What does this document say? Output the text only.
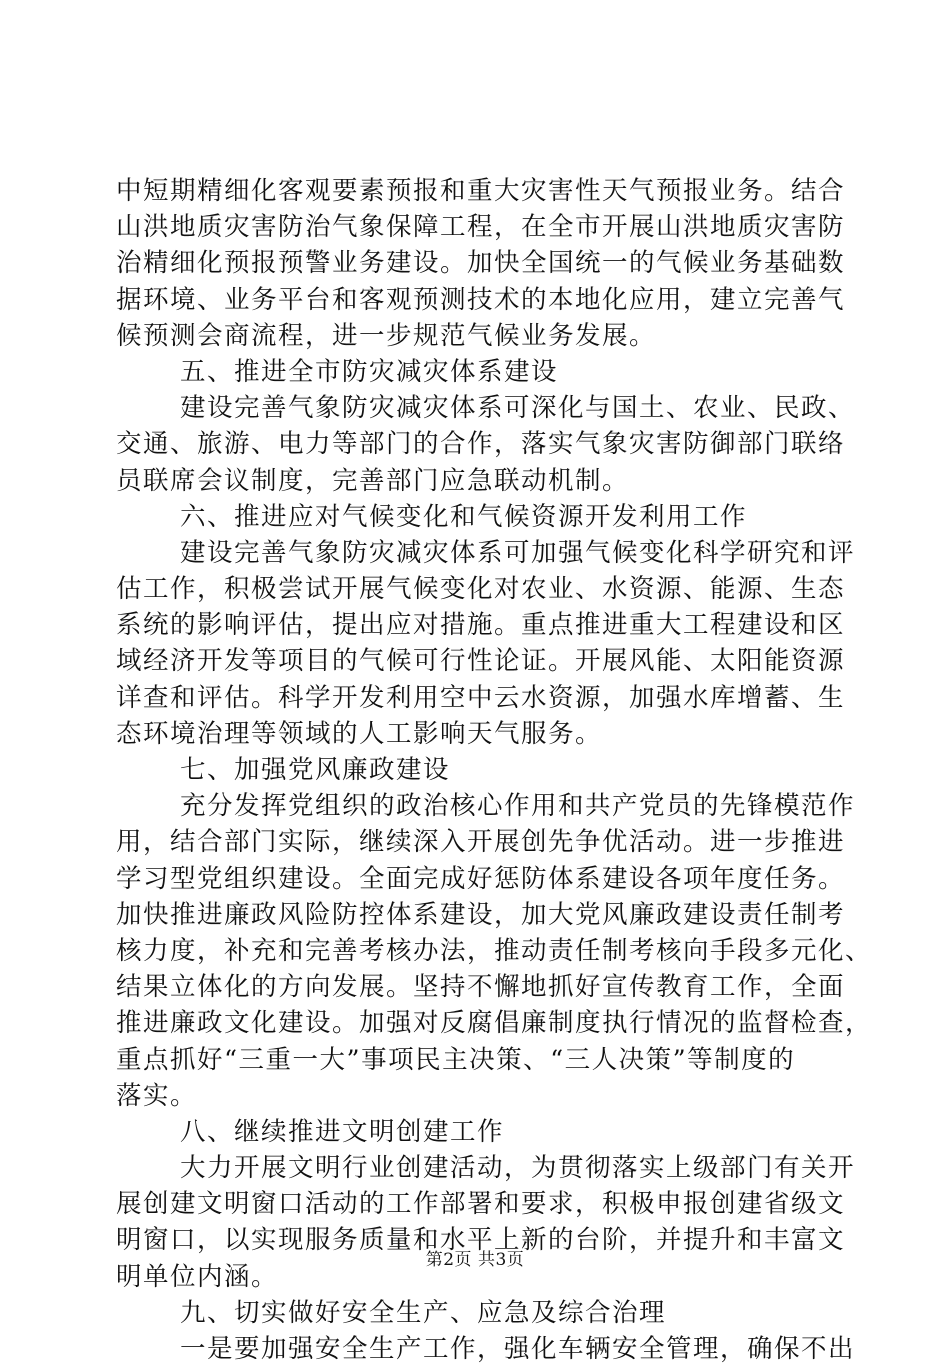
中短期精细化客观要素预报和重大灾害性天气预报业务。结合
山洪地质灾害防治气象保障工程，在全市开展山洪地质灾害防
治精细化预报预警业务建设。加快全国统一的气候业务基础数
据环境、业务平台和客观预测技术的本地化应用，建立完善气
候预测会商流程，进一步规范气候业务发展。
五、推进全市防灾减灾体系建设
建设完善气象防灾减灾体系可深化与国土、农业、民政、
交通、旅游、电力等部门的合作，落实气象灾害防御部门联络
员联席会议制度，完善部门应急联动机制。
六、推进应对气候变化和气候资源开发利用工作
建设完善气象防灾减灾体系可加强气候变化科学研究和评
估工作，积极尝试开展气候变化对农业、水资源、能源、生态
系统的影响评估，提出应对措施。重点推进重大工程建设和区
域经济开发等项目的气候可行性论证。开展风能、太阳能资源
详查和评估。科学开发利用空中云水资源，加强水库增蓄、生
态环境治理等领域的人工影响天气服务。
七、加强党风廉政建设
充分发挥党组织的政治核心作用和共产党员的先锋模范作
用，结合部门实际，继续深入开展创先争优活动。进一步推进
学习型党组织建设。全面完成好惩防体系建设各项年度任务。
加快推进廉政风险防控体系建设，加大党风廉政建设责任制考
核力度，补充和完善考核办法，推动责任制考核向手段多元化、
结果立体化的方向发展。坚持不懈地抓好宣传教育工作，全面
推进廉政文化建设。加强对反腐倡廉制度执行情况的监督检查，
重点抓好“三重一大”事项民主决策、“三人决策”等制度的
落实。
八、继续推进文明创建工作
大力开展文明行业创建活动，为贯彻落实上级部门有关开
展创建文明窗口活动的工作部署和要求，积极申报创建省级文
明窗口，以实现服务质量和水平上新的台阶，并提升和丰富文
明单位内涵。
九、切实做好安全生产、应急及综合治理
一是要加强安全生产工作，强化车辆安全管理，确保不出
第2页 共3页
